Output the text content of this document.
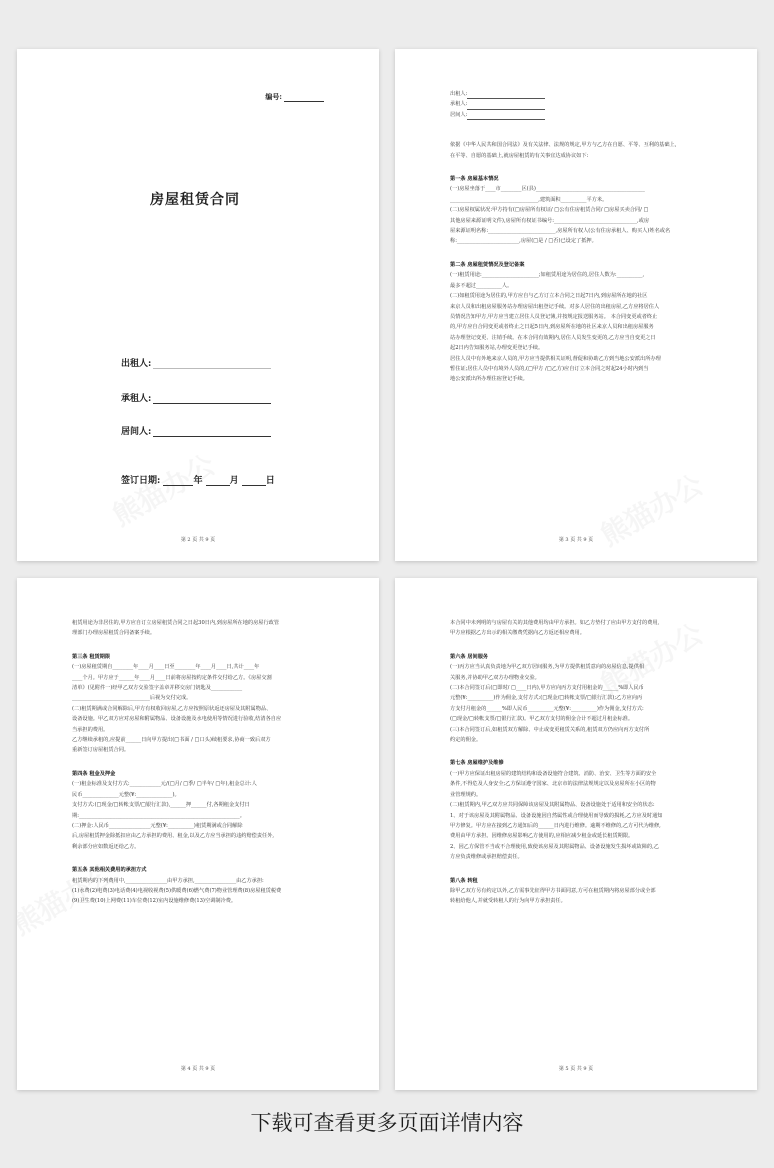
编号:
房屋租赁合同
出租人:
承租人:
居间人:
签订日期:	年	月	日
第 2 页 共 9 页

出租人:

承租人:

居间人:

依据《中华人民共和国合同法》及有关法律、法规的规定,甲方与乙方在自愿、平等、互利的基础上,

在平等、自愿的基础上,就房屋租赁的有关事宜达成协议如下:

第一条 房屋基本情况

(一)房屋坐落于____市________区(县)__________________________________________

__________________________________,建筑面积__________平方米。

(二)房屋权属状况:甲方持有(□房屋所有权证/ □公有住房租赁合同/ □房屋买卖合同/ □

其他房屋来源证明文件),房屋所有权证书编号:________________________________,或房

屋来源证明名称:__________________________,房屋所有权人(公有住房承租人、购买人)姓名或名

称:________________________,房屋(□是 / □否)已设定了抵押。

第二条 房屋租赁情况及登记备案

(一)租赁用途:______________________;如租赁用途为居住的,居住人数为:__________,

最多不超过__________人。

(二)如租赁用途为居住的,甲方应自与乙方订立本合同之日起7日内,到房屋所在地的社区

来京人员和出租房屋服务站办理房屋出租登记手续。对多人居住的出租房屋,乙方应将居住人

员情况告知甲方,甲方应当建立居住人员登记簿,并按规定报送服务站。 本合同变更或者终止

的,甲方应自合同变更或者终止之日起5日内,到房屋所在地的社区来京人员和出租房屋服务

站办理登记变更、注销手续。在本合同有效期内,居住人员发生变更的,乙方应当自变更之日

起2日内告知服务站,办理变更登记手续。

居住人员中有外地来京人员的,甲方应当提供相关证明,督促和协助乙方到当地公安派出所办理

暂住证;居住人员中有境外人员的,(□甲方 /□乙方)应自订立本合同之时起24小时内到当

地公安派出所办理住宿登记手续。

第 3 页 共 9 页

租赁用途为非居住的,甲方应自订立房屋租赁合同之日起30日内,到房屋所在地的房屋行政管

理部门办理房屋租赁合同备案手续。

第三条 租赁期限

(一)房屋租赁期自________年____月____日至________年____月____日,共计____年

____个月。甲方应于______年____月____日前将房屋按约定条件交付给乙方。《房屋交割

清单》(见附件一)经甲乙双方交验签字盖章并移交房门钥匙及____________

______________________________后视为交付完成。

(二)租赁期满或合同解除后,甲方有权收回房屋,乙方应按照原状返还房屋及其附属物品、

设备设施。甲乙双方应对房屋和附属物品、设备设施及水电使用等情况进行验收,结清各自应

当承担的费用。

乙方继续承租的,应提前______日向甲方提出(□书面 / □口头)续租要求,协商一致后双方

重新签订房屋租赁合同。

第四条 租金及押金

(一)租金标准及支付方式:____________元/(□月/ □季/ □半年/ □年),租金总计:人

民币______________元整(¥:______________)。

支付方式:(□现金/□转帐支票/□银行汇款),______押______付,各期租金支付日

期:______________________________________________________________。

(二)押金:人民币________________元整(¥:__________)租赁期满或合同解除

后,房屋租赁押金除抵扣应由乙方承担的费用、租金,以及乙方应当承担的违约赔偿责任外,

剩余部分应如数返还给乙方。

第五条 其他相关费用的承担方式

租赁期内的下列费用中,________________由甲方承担,________________由乙方承担:

(1)水费(2)电费(3)电话费(4)电视收视费(5)供暖费(6)燃气费(7)物业管理费(8)房屋租赁税费

(9)卫生费(10)上网费(11)车位费(12)室内设施维修费(13)空调制冷费。

第 4 页 共 9 页

本合同中未列明的与房屋有关的其他费用均由甲方承担。如乙方垫付了应由甲方支付的费用,

甲方应根据乙方出示的相关缴费凭据向乙方返还相应费用。

第六条 居间服务

(一)丙方应当认真负责地为甲乙双方居间服务,为甲方提供租赁意向的房屋信息,提供相

关服务,并协助甲乙双方办理物业交验。

(二)本合同签订后(□即时/ □____日内),甲方应向丙方支付用租金的______%即人民币

元整(¥:__________)作为佣金,支付方式:(□现金/□转帐支票/□银行汇款);乙方应向丙

方支付月租金的______%即人民币__________元整(¥:__________)作为佣金,支付方式:

(□现金/□转帐支票/□银行汇款)。甲乙双方支付的佣金合计不超过月租金标准。

(三)本合同签订后,如租赁双方解除、中止或变更租赁关系的,租赁双方仍应向丙方支付所

约定的佣金。

第七条 房屋维护及维修

(一)甲方应保证出租房屋的建筑结构和设备设施符合建筑、消防、治安、卫生等方面的安全

条件,不得危及人身安全;乙方保证遵守国家、北京市的法律法规规定以及房屋所在小区的物

业管理规约。

(二)租赁期内,甲乙双方应共同保障该房屋及其附属物品、设备设施处于适用和安全的状态:

1、对于该房屋及其附属物品、设备设施因自然属性或合理使用而导致的损耗,乙方应及时通知

甲方修复。甲方应在接到乙方通知后的______日内进行维修。逾期不维修的,乙方可代为维修,

费用由甲方承担。因维修房屋影响乙方使用的,应相应减少租金或延长租赁期限。

2、因乙方保管不当或不合理使用,致使该房屋及其附属物品、设备设施发生损坏或故障的,乙

方应负责维修或承担赔偿责任。

第八条 转租

除甲乙双方另有约定以外,乙方需事先征得甲方书面同意,方可在租赁期内将房屋部分或全部

转租给他人,并就受转租人的行为向甲方承担责任。

第 5 页 共 9 页
下载可查看更多页面详情内容
